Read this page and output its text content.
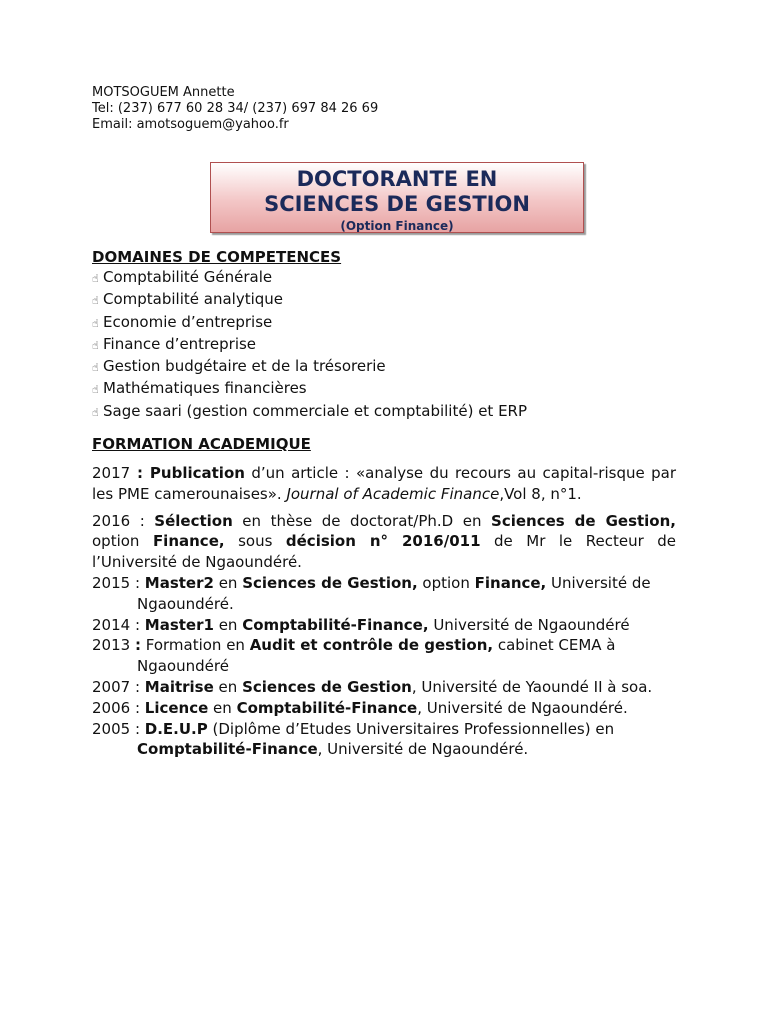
MOTSOGUEM Annette
Tel: (237) 677 60 28 34/ (237) 697 84 26 69
Email: amotsoguem@yahoo.fr
DOCTORANTE EN
SCIENCES DE GESTION
(Option Finance)
DOMAINES DE COMPETENCES
☝ Comptabilité Générale
☝ Comptabilité analytique
☝ Economie d’entreprise
☝ Finance d’entreprise
☝ Gestion budgétaire et de la trésorerie
☝ Mathématiques financières
☝ Sage saari (gestion commerciale et comptabilité) et ERP
FORMATION ACADEMIQUE
2017 : Publication d’un article : «analyse du recours au capital-risque par les PME camerounaises». Journal of Academic Finance,Vol 8, n°1.
2016 : Sélection en thèse de doctorat/Ph.D en Sciences de Gestion, option Finance, sous décision n° 2016/011 de Mr le Recteur de l’Université de Ngaoundéré.
2015 : Master2 en Sciences de Gestion, option Finance, Université de
Ngaoundéré.
2014 : Master1 en Comptabilité-Finance, Université de Ngaoundéré
2013 : Formation en Audit et contrôle de gestion, cabinet CEMA à
Ngaoundéré
2007 : Maitrise en Sciences de Gestion, Université de Yaoundé II à soa.
2006 : Licence en Comptabilité-Finance, Université de Ngaoundéré.
2005 : D.E.U.P (Diplôme d’Etudes Universitaires Professionnelles) en
Comptabilité-Finance, Université de Ngaoundéré.
